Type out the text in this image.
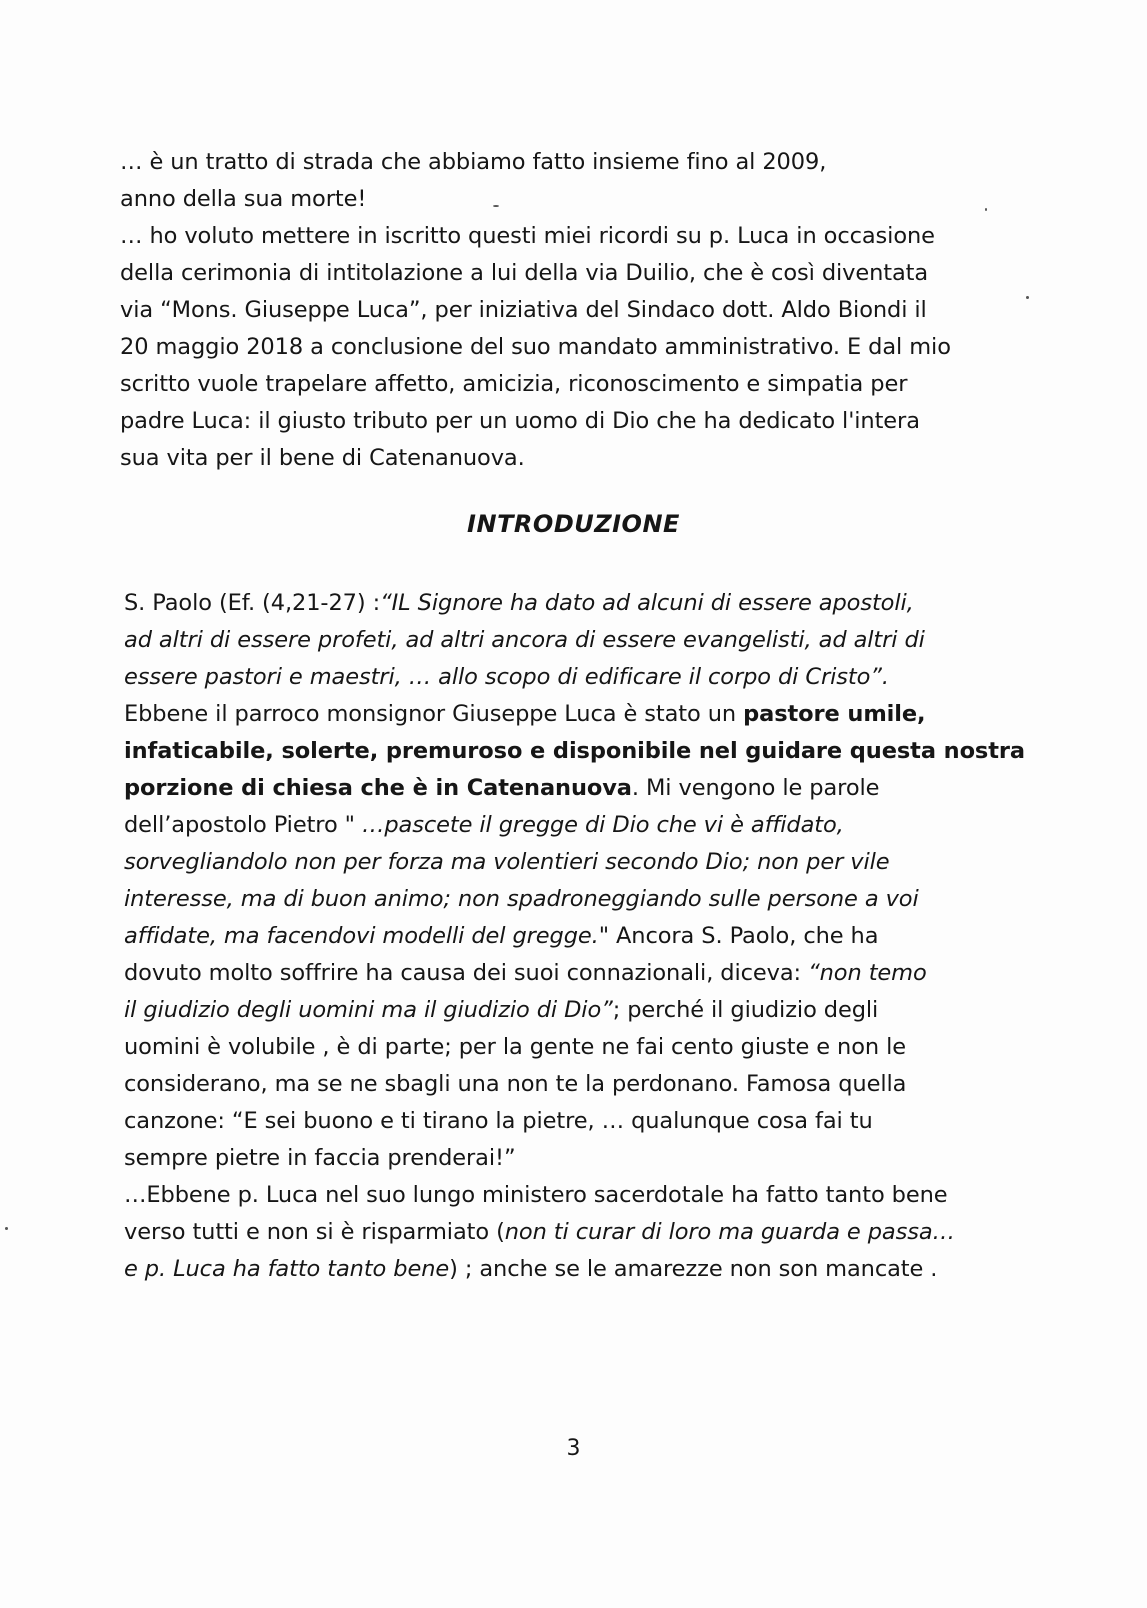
… è un tratto di strada che abbiamo fatto insieme fino al 2009,
anno della sua morte!
… ho voluto mettere in iscritto questi miei ricordi su p. Luca in occasione
della cerimonia di intitolazione a lui della via Duilio, che è così diventata
via “Mons. Giuseppe Luca”, per iniziativa del Sindaco dott. Aldo Biondi il
20 maggio 2018 a conclusione del suo mandato amministrativo. E dal mio
scritto vuole trapelare affetto, amicizia, riconoscimento e simpatia per
padre Luca: il giusto tributo per un uomo di Dio che ha dedicato l'intera
sua vita per il bene di Catenanuova.
INTRODUZIONE
S. Paolo (Ef. (4,21-27) :“IL Signore ha dato ad alcuni di essere apostoli,
ad altri di essere profeti, ad altri ancora di essere evangelisti, ad altri di
essere pastori e maestri, … allo scopo di edificare il corpo di Cristo”.
Ebbene il parroco monsignor Giuseppe Luca è stato un pastore umile,
infaticabile, solerte, premuroso e disponibile nel guidare questa nostra
porzione di chiesa che è in Catenanuova. Mi vengono le parole
dell’apostolo Pietro " …pascete il gregge di Dio che vi è affidato,
sorvegliandolo non per forza ma volentieri secondo Dio; non per vile
interesse, ma di buon animo; non spadroneggiando sulle persone a voi
affidate, ma facendovi modelli del gregge." Ancora S. Paolo, che ha
dovuto molto soffrire ha causa dei suoi connazionali, diceva: “non temo
il giudizio degli uomini ma il giudizio di Dio”; perché il giudizio degli
uomini è volubile , è di parte; per la gente ne fai cento giuste e non le
considerano, ma se ne sbagli una non te la perdonano. Famosa quella
canzone: “E sei buono e ti tirano la pietre, … qualunque cosa fai tu
sempre pietre in faccia prenderai!”
…Ebbene p. Luca nel suo lungo ministero sacerdotale ha fatto tanto bene
verso tutti e non si è risparmiato (non ti curar di loro ma guarda e passa…
e p. Luca ha fatto tanto bene) ; anche se le amarezze non son mancate .
3
